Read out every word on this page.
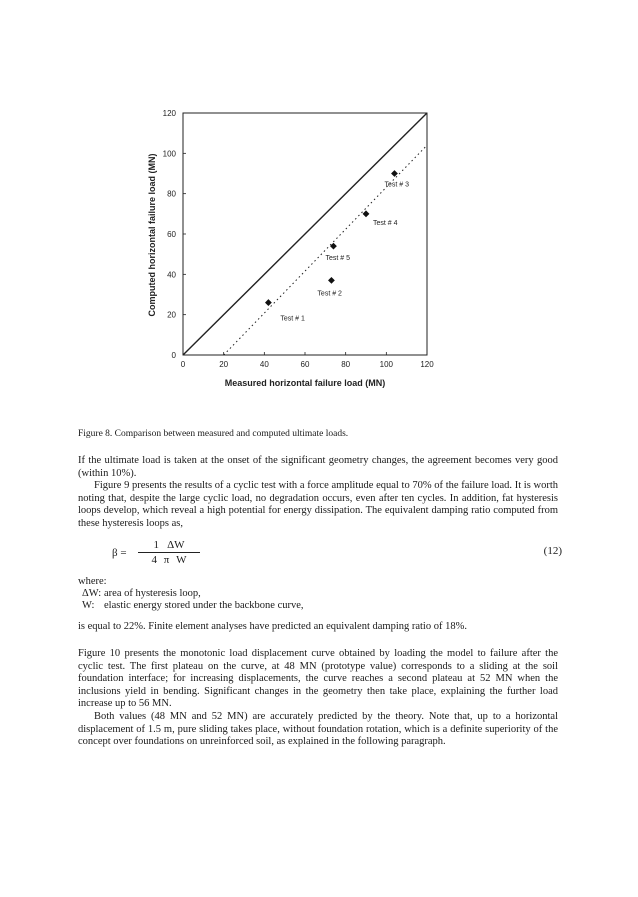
0	20	40	60	80	100	120
0
20
40
60
80
100
120
Test # 1
Test # 2
Test # 5
Test # 4
Test # 3
Measured horizontal failure load (MN)
Computed horizontal failure load (MN)
Figure 8. Comparison between measured and computed ultimate loads.

If the ultimate load is taken at the onset of the significant geometry changes, the agreement becomes very good (within 10%).

Figure 9 presents the results of a cyclic test with a force amplitude equal to 70% of the failure load. It is worth noting that, despite the large cyclic load, no degradation occurs, even after ten cycles. In addition, fat hysteresis loops develop, which reveal a high potential for energy dissipation. The equivalent damping ratio computed from these hysteresis loops as,

$\beta = \frac{1 \Delta W}{\text{4 π W}}$	(12)
where:
ΔW: area of hysteresis loop,
W: elastic energy stored under the backbone curve,

is equal to 22%. Finite element analyses have predicted an equivalent damping ratio of 18%.

Figure 10 presents the monotonic load displacement curve obtained by loading the model to failure after the cyclic test. The first plateau on the curve, at 48 MN (prototype value) corresponds to a sliding at the soil foundation interface; for increasing displacements, the curve reaches a second plateau at 52 MN when the inclusions yield in bending. Significant changes in the geometry then take place, explaining the further load increase up to 56 MN.

Both values (48 MN and 52 MN) are accurately predicted by the theory. Note that, up to a horizontal displacement of 1.5 m, pure sliding takes place, without foundation rotation, which is a definite superiority of the concept over foundations on unreinforced soil, as explained in the following paragraph.
